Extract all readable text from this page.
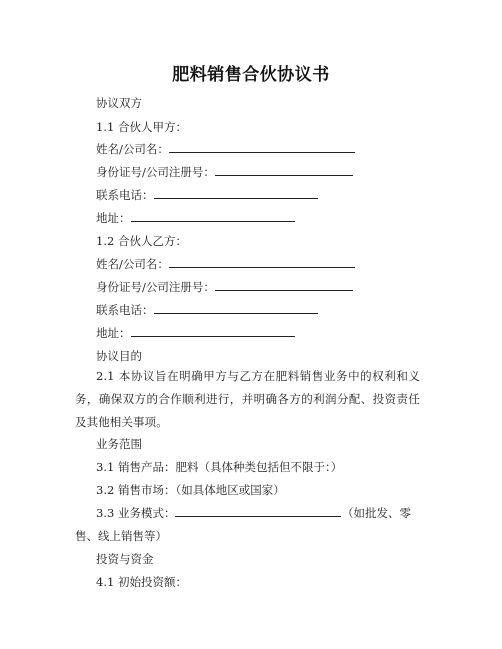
肥料销售合伙协议书
协议双方
1.1 合伙人甲方：
姓名/公司名：
身份证号/公司注册号：
联系电话：
地址：
1.2 合伙人乙方：
姓名/公司名：
身份证号/公司注册号：
联系电话：
地址：
协议目的
2.1 本协议旨在明确甲方与乙方在肥料销售业务中的权利和义务，确保双方的合作顺利进行，并明确各方的利润分配、投资责任及其他相关事项。
业务范围
3.1 销售产品：肥料（具体种类包括但不限于：）
3.2 销售市场：（如具体地区或国家）
3.3 业务模式：	（如批发、零
售、线上销售等）
投资与资金
4.1 初始投资额：
